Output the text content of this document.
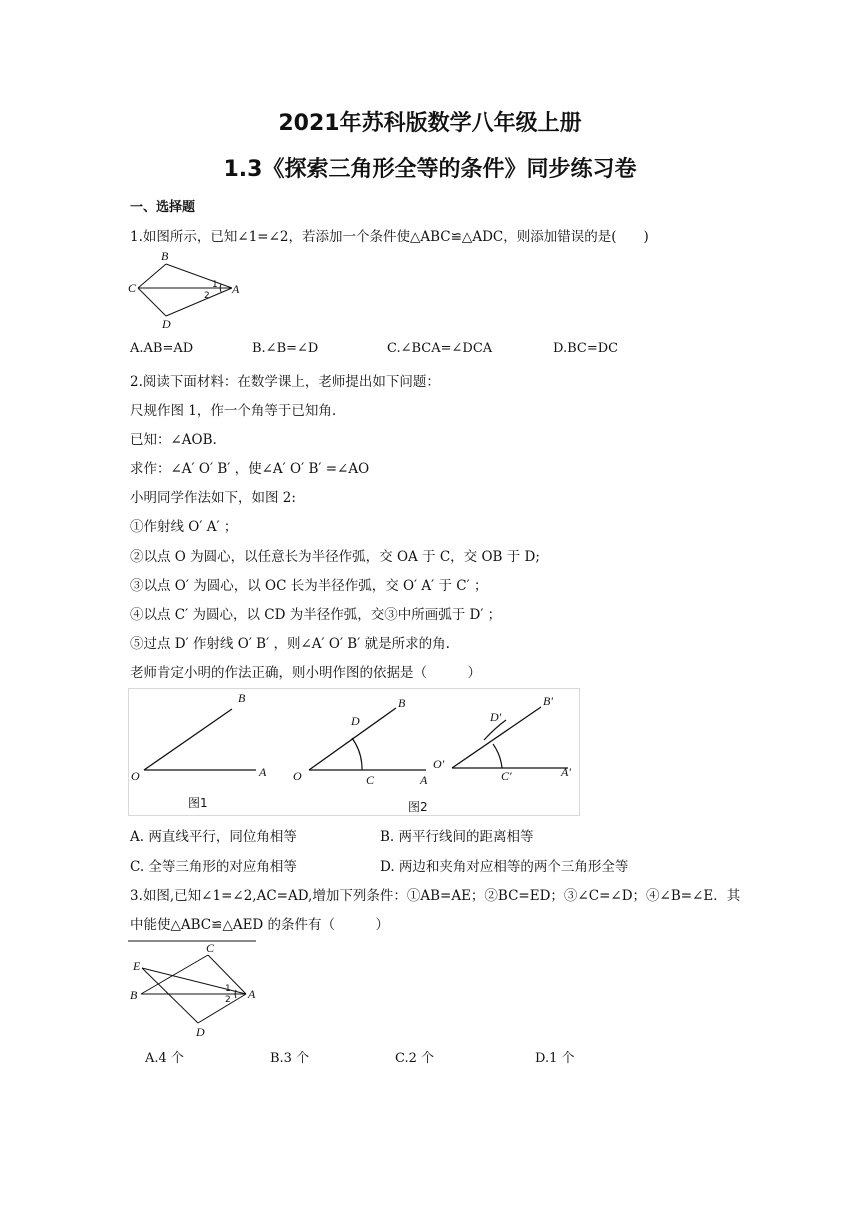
2021年苏科版数学八年级上册
1.3《探索三角形全等的条件》同步练习卷
一、选择题
1.如图所示，已知∠1=∠2，若添加一个条件使△ABC≌△ADC，则添加错误的是(　　)
B
C	A
D
1
2
A.AB=AD	B.∠B=∠D	C.∠BCA=∠DCA	D.BC=DC
2.阅读下面材料：在数学课上，老师提出如下问题：
尺规作图 1，作一个角等于已知角.
已知：∠AOB.
求作：∠A′ O′ B′ ，使∠A′ O′ B′ =∠AO
小明同学作法如下，如图 2:
①作射线 O′ A′ ；
②以点 O 为圆心，以任意长为半径作弧，交 OA 于 C，交 OB 于 D;
③以点 O′ 为圆心，以 OC 长为半径作弧，交 O′ A′ 于 C′ ；
④以点 C′ 为圆心，以 CD 为半径作弧，交③中所画弧于 D′ ；
⑤过点 D′ 作射线 O′ B′ ，则∠A′ O′ B′ 就是所求的角.
老师肯定小明的作法正确，则小明作图的依据是（　　　）
B
O	A
图1
D
B
O	C	A
图2
D′
B′
O′
C′	A′
A. 两直线平行，同位角相等	B. 两平行线间的距离相等
C. 全等三角形的对应角相等	D. 两边和夹角对应相等的两个三角形全等
3.如图,已知∠1=∠2,AC=AD,增加下列条件：①AB=AE；②BC=ED；③∠C=∠D；④∠B=∠E．其
中能使△ABC≌△AED 的条件有（　　　）
C
E
B	1
2 A
D
A.4 个	B.3 个	C.2 个	D.1 个
